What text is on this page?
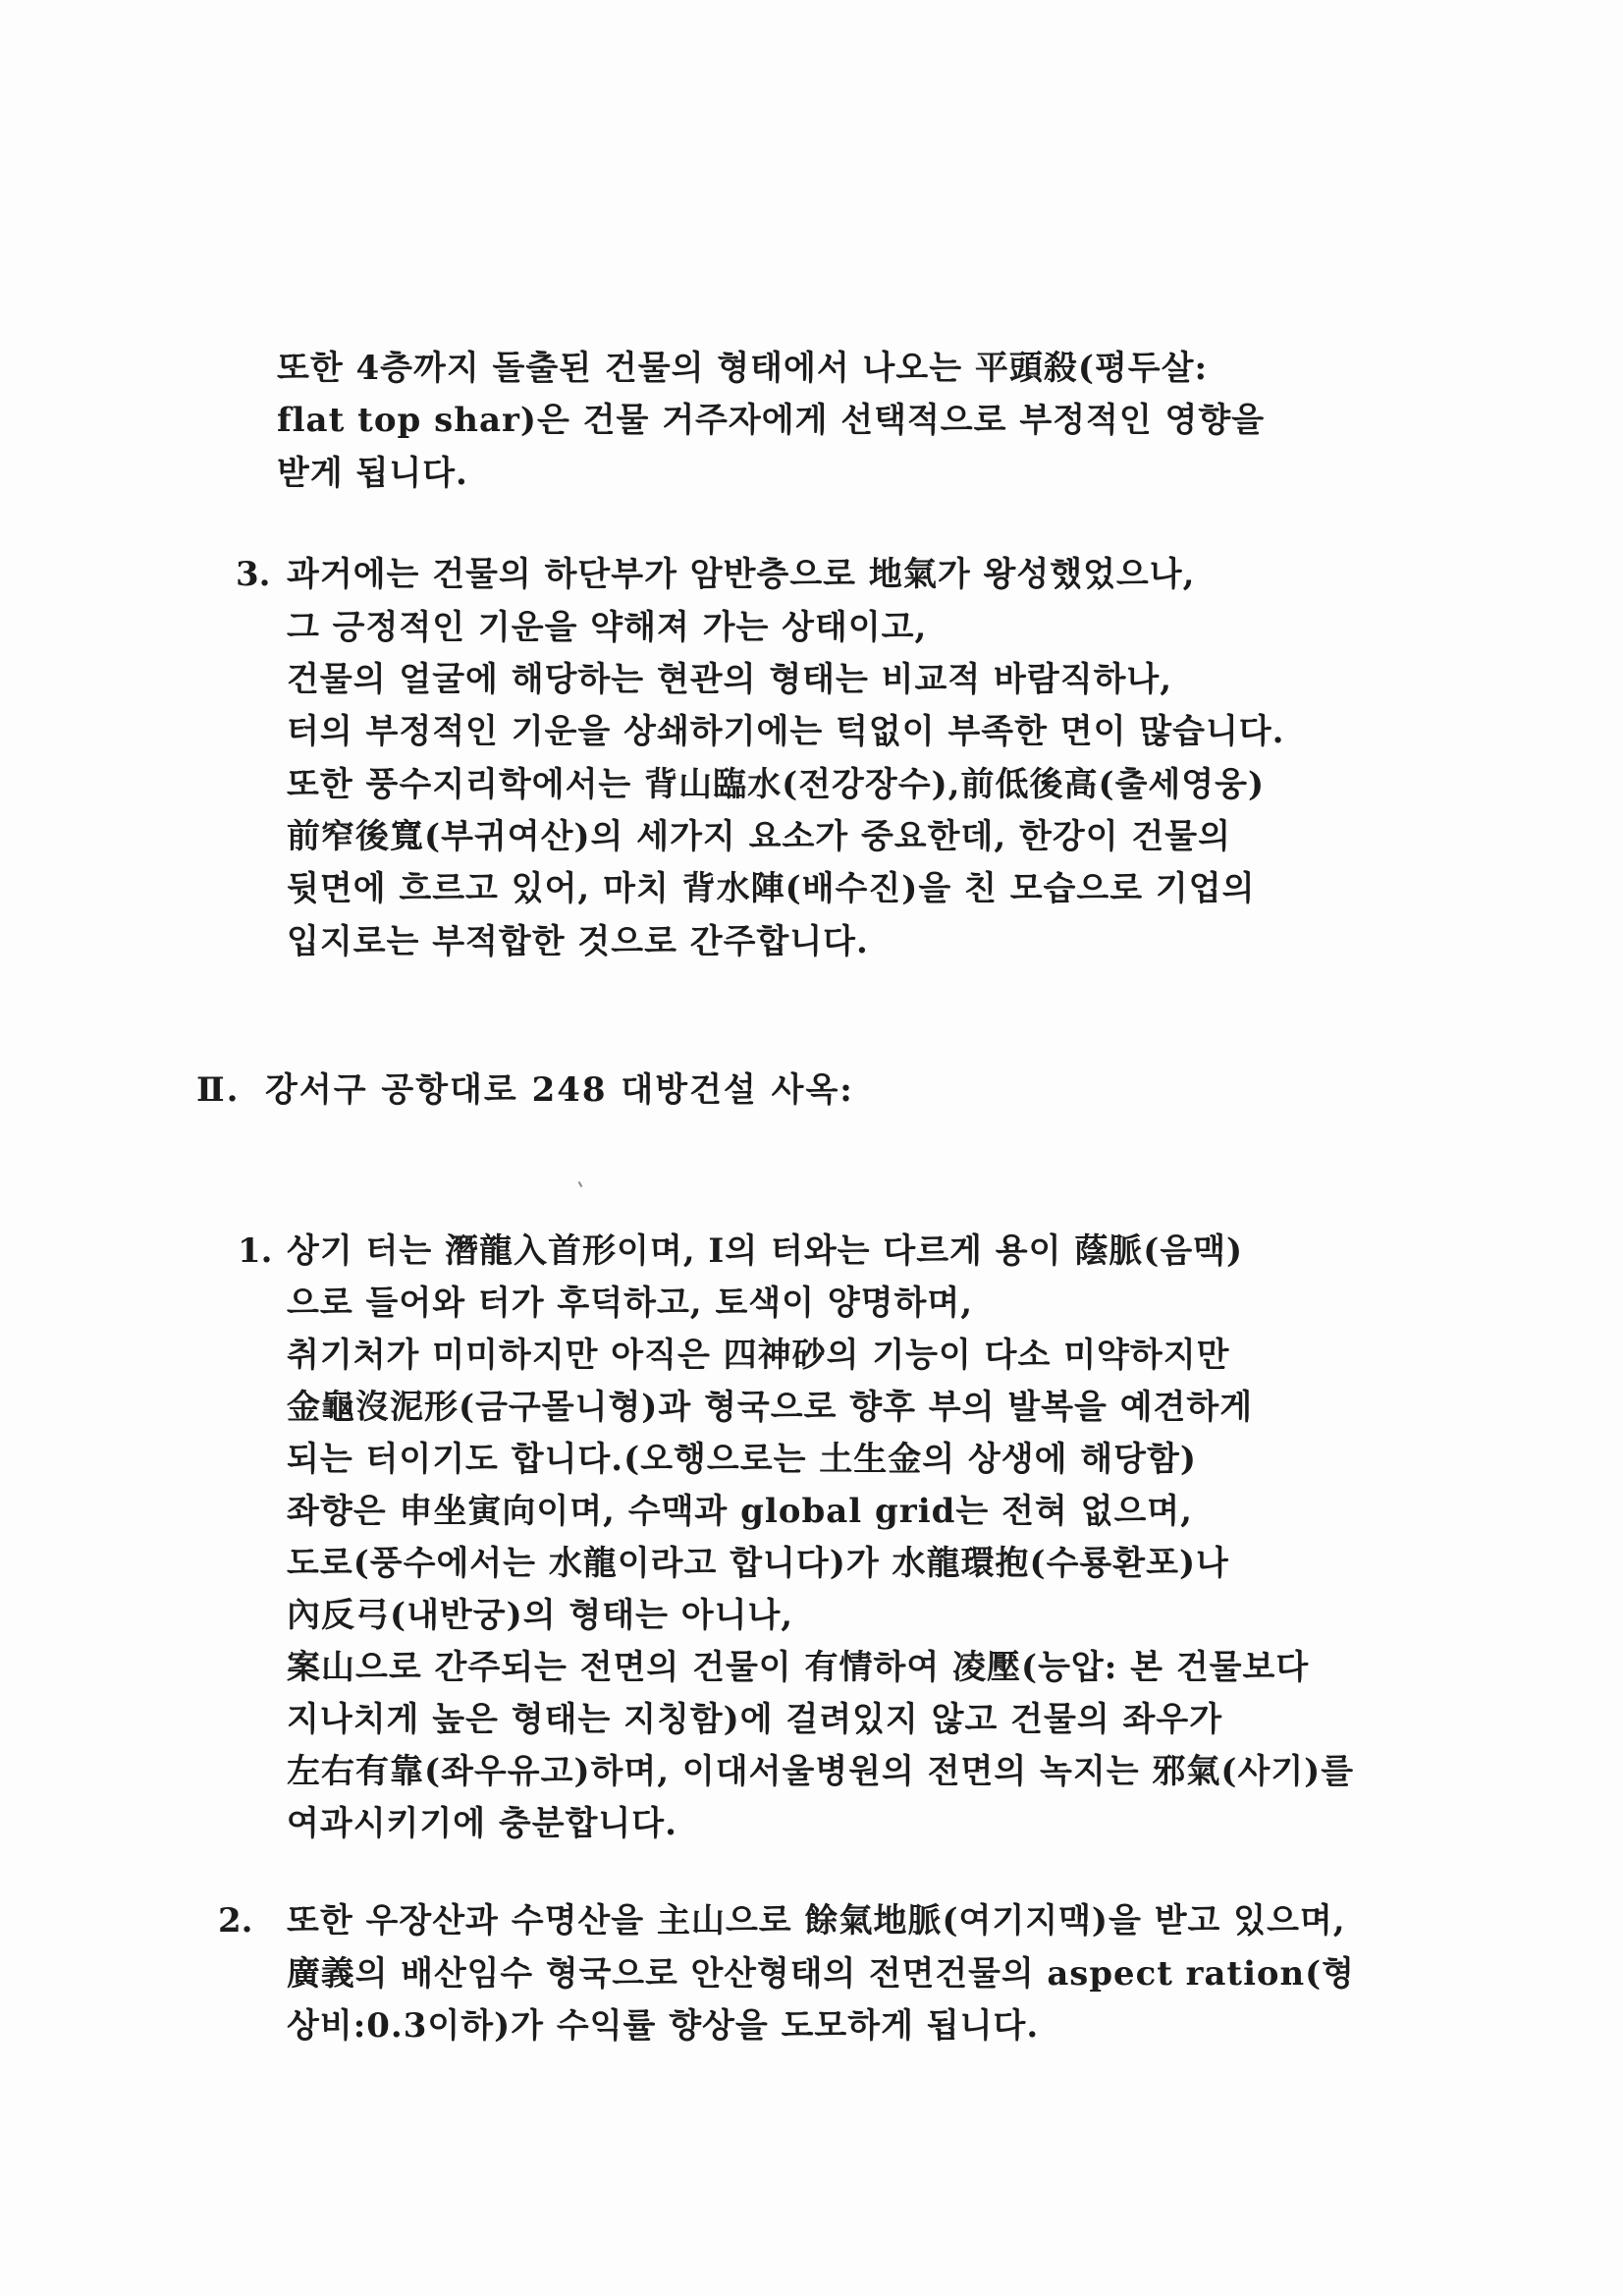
또한 4층까지 돌출된 건물의 형태에서 나오는 平頭殺(평두살:
flat top shar)은 건물 거주자에게 선택적으로 부정적인 영향을
받게 됩니다.
3. 과거에는 건물의 하단부가 암반층으로 地氣가 왕성했었으나,
그 긍정적인 기운을 약해져 가는 상태이고,
건물의 얼굴에 해당하는 현관의 형태는 비교적 바람직하나,
터의 부정적인 기운을 상쇄하기에는 턱없이 부족한 면이 많습니다.
또한 풍수지리학에서는 背山臨水(전강장수),前低後高(출세영웅)
前窄後寬(부귀여산)의 세가지 요소가 중요한데, 한강이 건물의
뒷면에 흐르고 있어, 마치 背水陣(배수진)을 친 모습으로 기업의
입지로는 부적합한 것으로 간주합니다.
Ⅱ. 강서구 공항대로 248 대방건설 사옥:
1. 상기 터는 潛龍入首形이며, Ⅰ의 터와는 다르게 용이 蔭脈(음맥)
으로 들어와 터가 후덕하고, 토색이 양명하며,
취기처가 미미하지만 아직은 四神砂의 기능이 다소 미약하지만
金龜沒泥形(금구몰니형)과 형국으로 향후 부의 발복을 예견하게
되는 터이기도 합니다.(오행으로는 土生金의 상생에 해당함)
좌향은 申坐寅向이며, 수맥과 global grid는 전혀 없으며,
도로(풍수에서는 水龍이라고 합니다)가 水龍環抱(수룡환포)나
內反弓(내반궁)의 형태는 아니나,
案山으로 간주되는 전면의 건물이 有情하여 凌壓(능압: 본 건물보다
지나치게 높은 형태는 지칭함)에 걸려있지 않고 건물의 좌우가
左右有靠(좌우유고)하며, 이대서울병원의 전면의 녹지는 邪氣(사기)를
여과시키기에 충분합니다.
2. 또한 우장산과 수명산을 主山으로 餘氣地脈(여기지맥)을 받고 있으며,
廣義의 배산임수 형국으로 안산형태의 전면건물의 aspect ration(형
상비:0.3이하)가 수익률 향상을 도모하게 됩니다.
